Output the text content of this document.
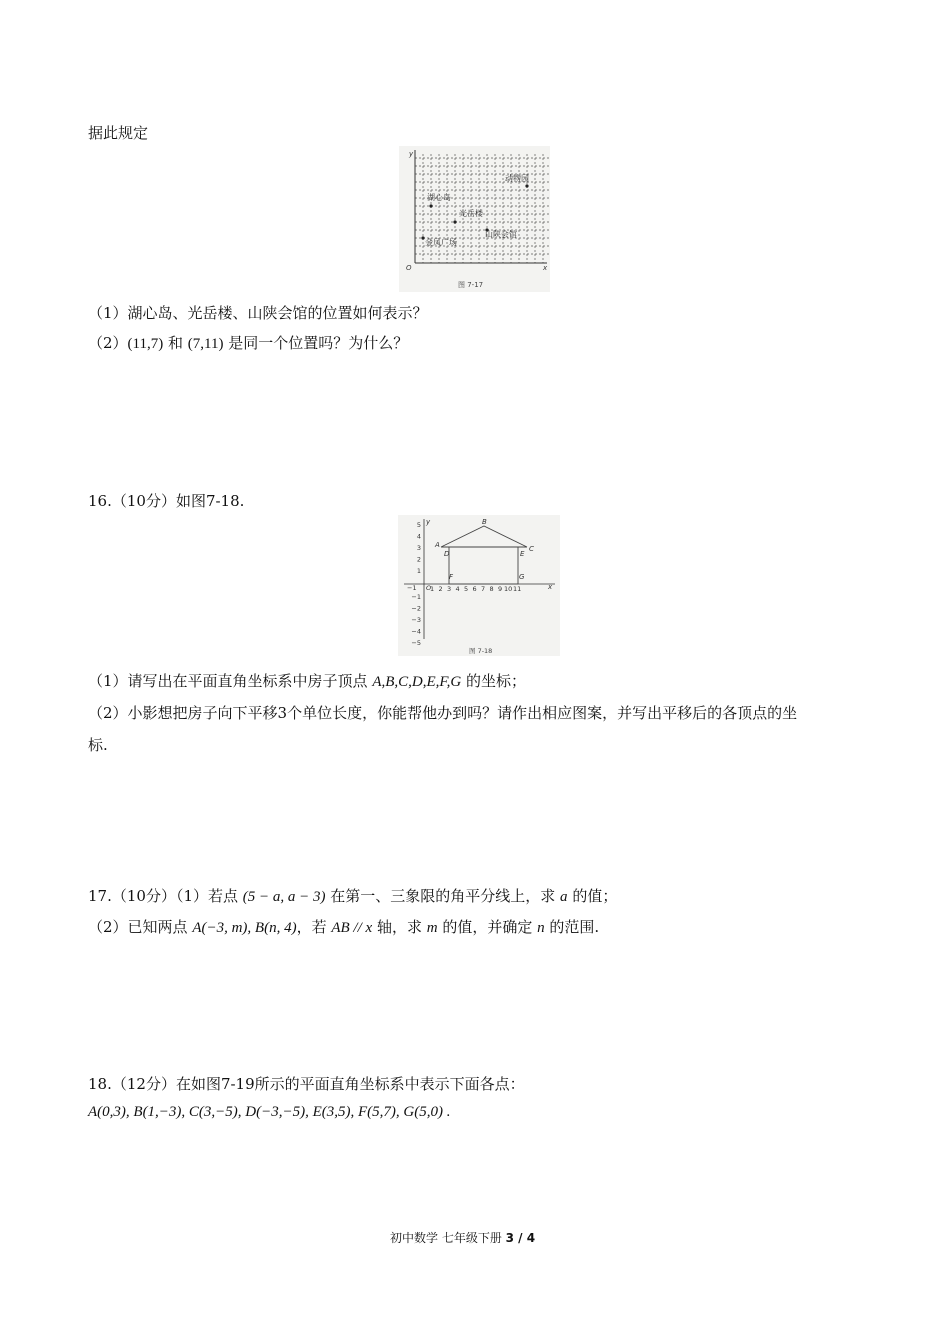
据此规定
x
y
O
湖心岛
光岳楼
山陕会馆
金凤广场
动物园
图 7-17
（1）湖心岛、光岳楼、山陕会馆的位置如何表示？
（2）(11,7) 和 (7,11) 是同一个位置吗？为什么？
16.（10分）如图7-18.
x
y
O
−1 1 2 3 4 5 6 7 8 9 10 11
5
4
3
2
1
−1
−2
−3
−4
−5
A
B
C
D	E
F	G
图 7-18
（1）请写出在平面直角坐标系中房子顶点 A,B,C,D,E,F,G 的坐标；
（2）小影想把房子向下平移3个单位长度，你能帮他办到吗？请作出相应图案，并写出平移后的各顶点的坐
标.
17.（10分）（1）若点 (5 − a, a − 3) 在第一、三象限的角平分线上，求 a 的值；
（2）已知两点 A(−3, m), B(n, 4)，若 AB // x 轴，求 m 的值，并确定 n 的范围.
18.（12分）在如图7-19所示的平面直角坐标系中表示下面各点：
A(0,3), B(1,−3), C(3,−5), D(−3,−5), E(3,5), F(5,7), G(5,0) .
初中数学 七年级下册 3 / 4
